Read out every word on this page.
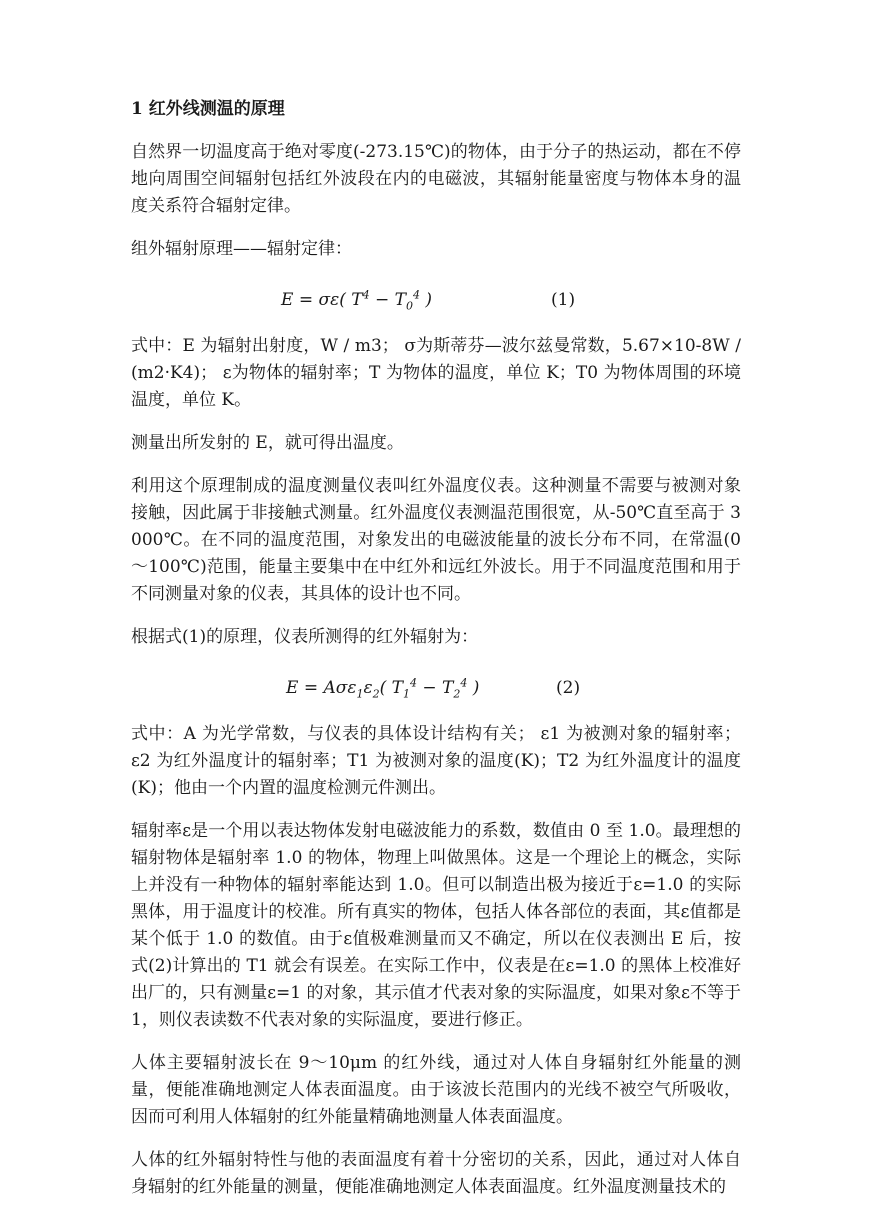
1 红外线测温的原理

自然界一切温度高于绝对零度(-273.15℃)的物体，由于分子的热运动，都在不停地向周围空间辐射包括红外波段在内的电磁波，其辐射能量密度与物体本身的温度关系符合辐射定律。

组外辐射原理——辐射定律：

E = σε( $T^4 - T_0^4$ )	(1)

式中：E 为辐射出射度，W / m3； σ为斯蒂芬—波尔兹曼常数，5.67×10-8W / (m2·K4)； ε为物体的辐射率；T 为物体的温度，单位 K；T0 为物体周围的环境温度，单位 K。

测量出所发射的 E，就可得出温度。

利用这个原理制成的温度测量仪表叫红外温度仪表。这种测量不需要与被测对象接触，因此属于非接触式测量。红外温度仪表测温范围很宽，从-50℃直至高于 3 000℃。在不同的温度范围，对象发出的电磁波能量的波长分布不同，在常温(0～100℃)范围，能量主要集中在中红外和远红外波长。用于不同温度范围和用于不同测量对象的仪表，其具体的设计也不同。

根据式(1)的原理，仪表所测得的红外辐射为：

$E = A\sigma\varepsilon_1\varepsilon_2$( $T_1^4 - T_2^4$ )	(2)

式中：A 为光学常数，与仪表的具体设计结构有关； ε1 为被测对象的辐射率； ε2 为红外温度计的辐射率；T1 为被测对象的温度(K)；T2 为红外温度计的温度(K)；他由一个内置的温度检测元件测出。

辐射率ε是一个用以表达物体发射电磁波能力的系数，数值由 0 至 1.0。最理想的辐射物体是辐射率 1.0 的物体，物理上叫做黑体。这是一个理论上的概念，实际上并没有一种物体的辐射率能达到 1.0。但可以制造出极为接近于ε=1.0 的实际黑体，用于温度计的校准。所有真实的物体，包括人体各部位的表面，其ε值都是某个低于 1.0 的数值。由于ε值极难测量而又不确定，所以在仪表测出 E 后，按式(2)计算出的 T1 就会有误差。在实际工作中，仪表是在ε=1.0 的黑体上校准好出厂的，只有测量ε=1 的对象，其示值才代表对象的实际温度，如果对象ε不等于 1，则仪表读数不代表对象的实际温度，要进行修正。

人体主要辐射波长在 9～10μm 的红外线，通过对人体自身辐射红外能量的测量，便能准确地测定人体表面温度。由于该波长范围内的光线不被空气所吸收，因而可利用人体辐射的红外能量精确地测量人体表面温度。

人体的红外辐射特性与他的表面温度有着十分密切的关系，因此，通过对人体自身辐射的红外能量的测量，便能准确地测定人体表面温度。红外温度测量技术的
